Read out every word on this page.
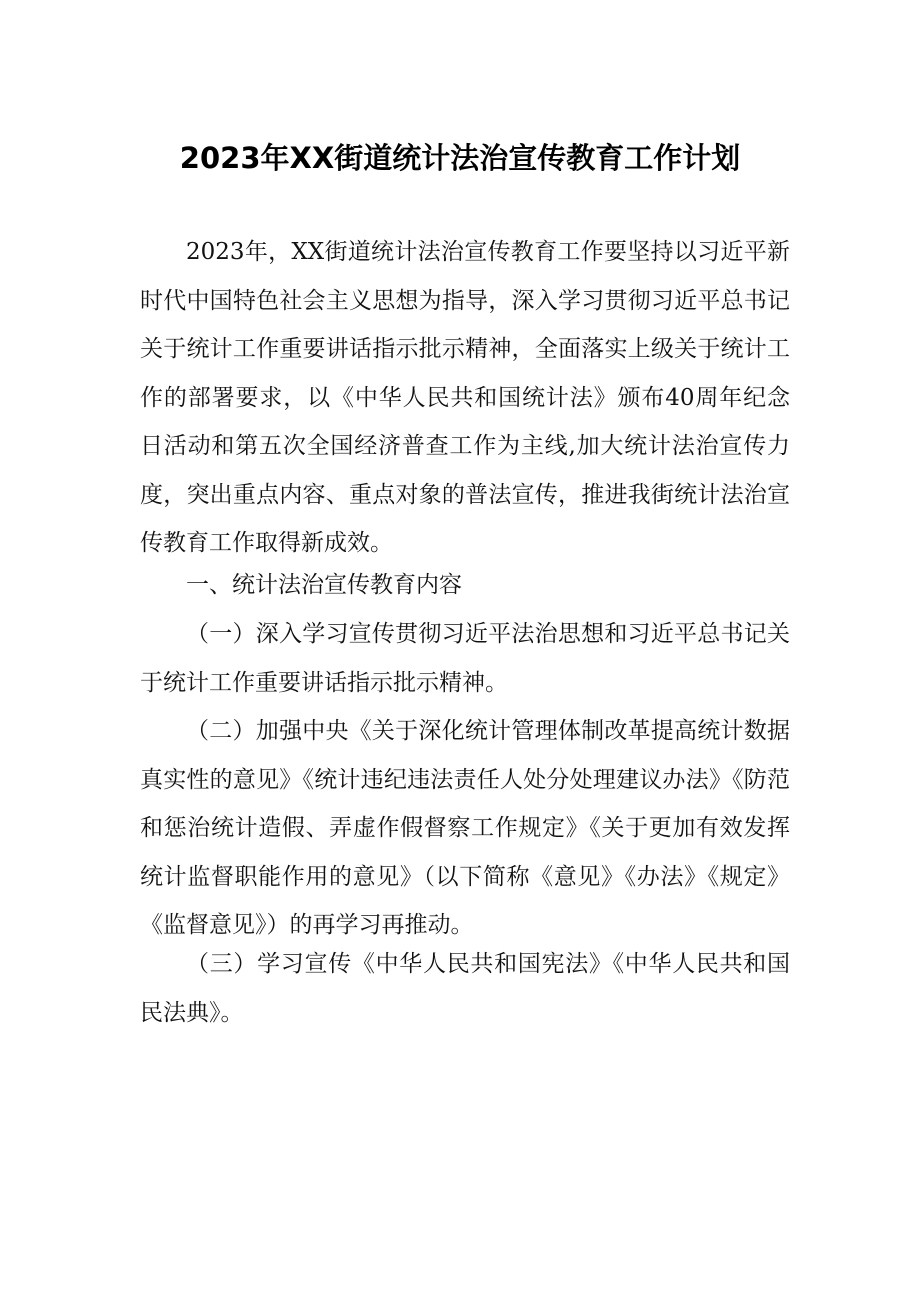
2023年XX街道统计法治宣传教育工作计划

2023年，XX街道统计法治宣传教育工作要坚持以习近平新时代中国特色社会主义思想为指导，深入学习贯彻习近平总书记关于统计工作重要讲话指示批示精神，全面落实上级关于统计工作的部署要求，以《中华人民共和国统计法》颁布40周年纪念日活动和第五次全国经济普查工作为主线,加大统计法治宣传力度，突出重点内容、重点对象的普法宣传，推进我街统计法治宣传教育工作取得新成效。

一、统计法治宣传教育内容

（一）深入学习宣传贯彻习近平法治思想和习近平总书记关于统计工作重要讲话指示批示精神。

（二）加强中央《关于深化统计管理体制改革提高统计数据真实性的意见》《统计违纪违法责任人处分处理建议办法》《防范和惩治统计造假、弄虚作假督察工作规定》《关于更加有效发挥统计监督职能作用的意见》（以下简称《意见》《办法》《规定》《监督意见》）的再学习再推动。

（三）学习宣传《中华人民共和国宪法》《中华人民共和国民法典》。
